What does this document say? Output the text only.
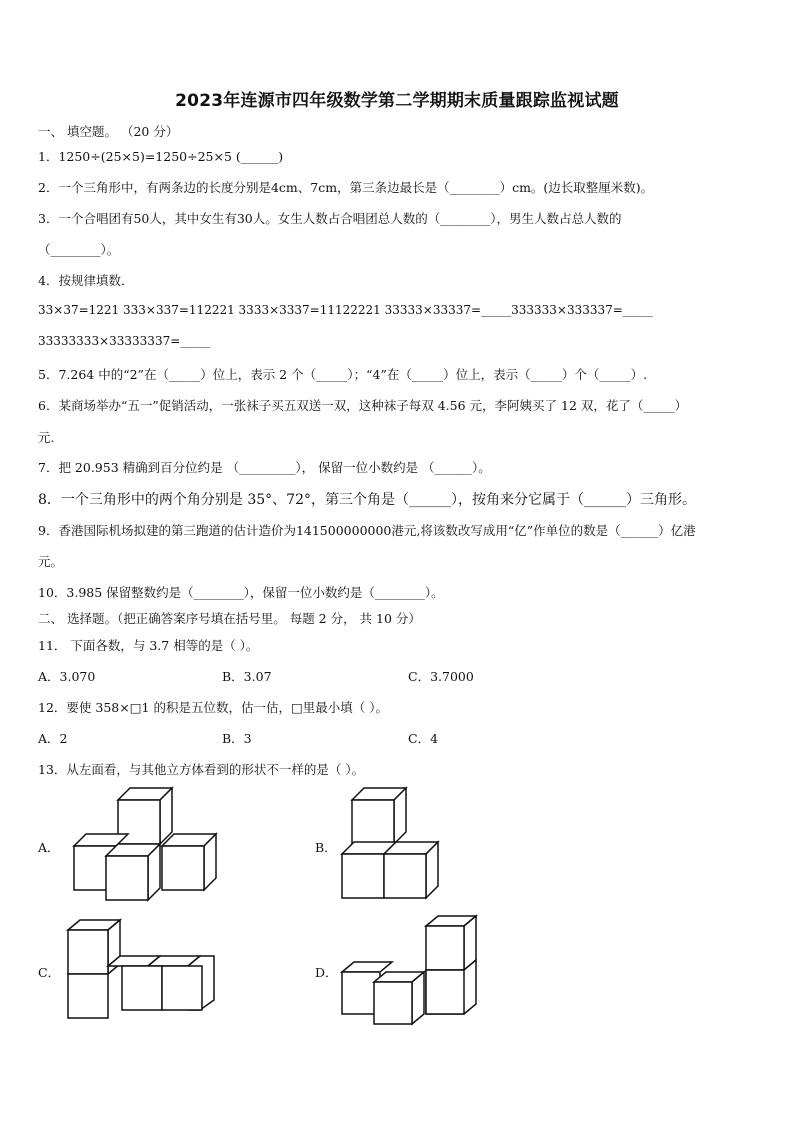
2023年连源市四年级数学第二学期期末质量跟踪监视试题
一、 填空题。 （20 分）
1．1250÷(25×5)=1250÷25×5 (______)
2．一个三角形中，有两条边的长度分别是4cm、7cm，第三条边最长是（________）cm。(边长取整厘米数)。
3．一个合唱团有50人，其中女生有30人。女生人数占合唱团总人数的（________），男生人数占总人数的
（________）。
4．按规律填数．
33×37=1221 333×337=112221 3333×3337=11122221 33333×33337=_____333333×333337=_____
33333333×33333337=_____
5．7.264 中的“2”在（_____）位上，表示 2 个（_____）；“4”在（_____）位上，表示（_____）个（_____）.
6．某商场举办“五一”促销活动，一张袜子买五双送一双，这种袜子每双 4.56 元，李阿姨买了 12 双，花了（_____）
元.
7．把 20.953 精确到百分位约是 （_________）， 保留一位小数约是 （______）。
8．一个三角形中的两个角分别是 35°、72°，第三个角是（______），按角来分它属于（______）三角形。
9．香港国际机场拟建的第三跑道的估计造价为141500000000港元,将该数改写成用“亿”作单位的数是（______）亿港
元。
10．3.985 保留整数约是（________），保留一位小数约是（________）。
二、 选择题。（把正确答案序号填在括号里。 每题 2 分， 共 10 分）
11． 下面各数，与 3.7 相等的是（ ）。
A．3.070	B．3.07	C．3.7000
12．要使 358×□1 的积是五位数，估一估，□里最小填（ ）。
A．2	B．3	C．4
13．从左面看，与其他立方体看到的形状不一样的是（ ）。
A．	B．
C．	D．
